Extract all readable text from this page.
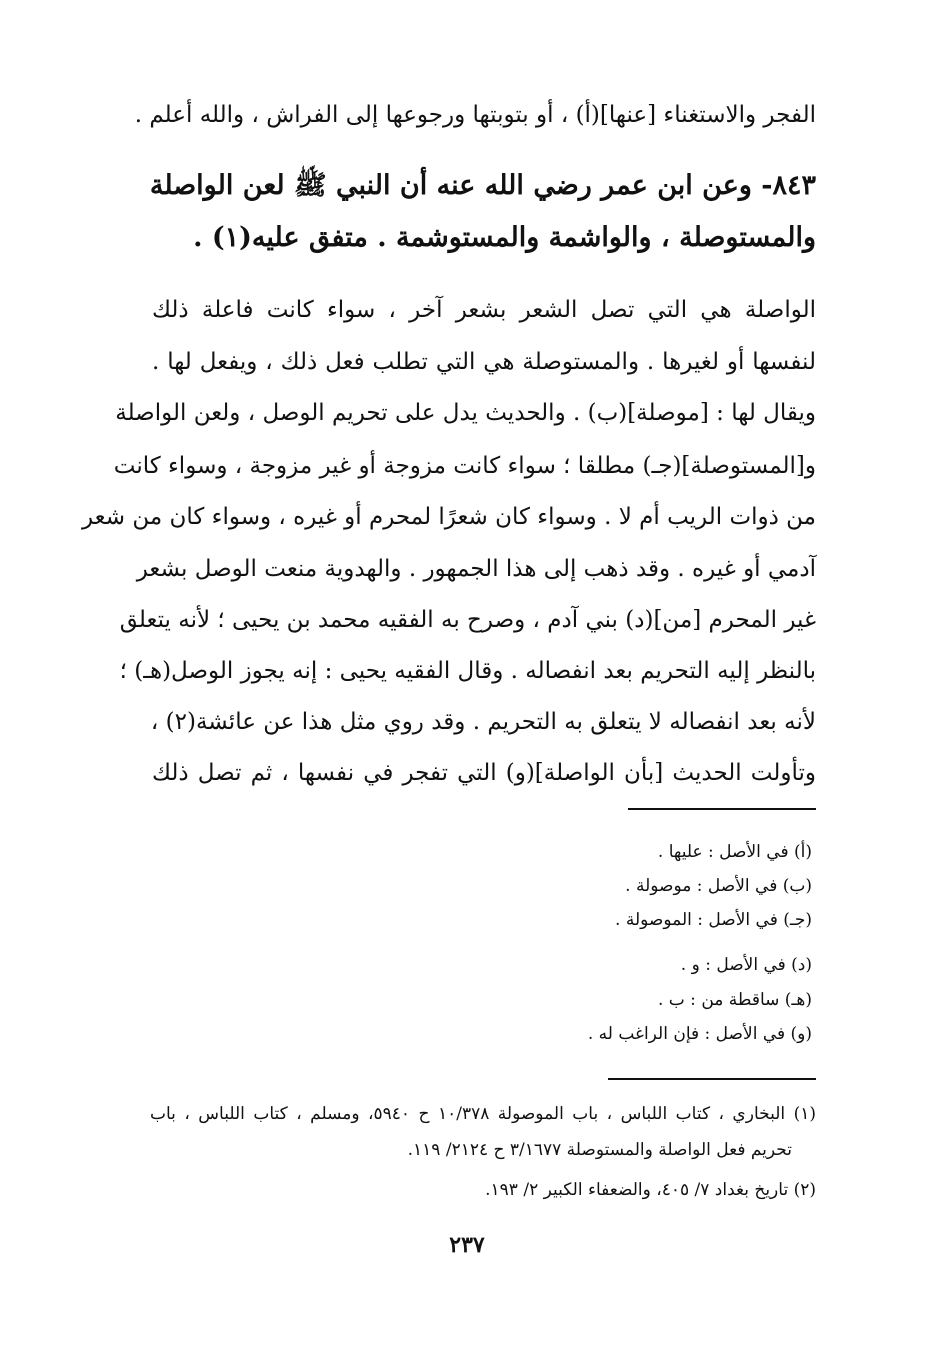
الفجر والاستغناء [عنها](أ) ، أو بتوبتها ورجوعها إلى الفراش ، والله أعلم .
٨٤٣- وعن ابن عمر رضي الله عنه أن النبي ﷺ لعن الواصلة
والمستوصلة ، والواشمة والمستوشمة . متفق عليه(١) .
الواصلة هي التي تصل الشعر بشعر آخر ، سواء كانت فاعلة ذلك
لنفسها أو لغيرها . والمستوصلة هي التي تطلب فعل ذلك ، ويفعل لها .
ويقال لها : [موصلة](ب) . والحديث يدل على تحريم الوصل ، ولعن الواصلة
و[المستوصلة](جـ) مطلقا ؛ سواء كانت مزوجة أو غير مزوجة ، وسواء كانت
من ذوات الريب أم لا . وسواء كان شعرًا لمحرم أو غيره ، وسواء كان من شعر
آدمي أو غيره . وقد ذهب إلى هذا الجمهور . والهدوية منعت الوصل بشعر
غير المحرم [من](د) بني آدم ، وصرح به الفقيه محمد بن يحيى ؛ لأنه يتعلق
بالنظر إليه التحريم بعد انفصاله . وقال الفقيه يحيى : إنه يجوز الوصل(هـ) ؛
لأنه بعد انفصاله لا يتعلق به التحريم . وقد روي مثل هذا عن عائشة(٢) ،
وتأولت الحديث [بأن الواصلة](و) التي تفجر في نفسها ، ثم تصل ذلك
(أ) في الأصل : عليها .
(ب) في الأصل : موصولة .
(جـ) في الأصل : الموصولة .
(د) في الأصل : و .
(هـ) ساقطة من : ب .
(و) في الأصل : فإن الراغب له .
(١) البخاري ، كتاب اللباس ، باب الموصولة ١٠/٣٧٨ ح ٥٩٤٠، ومسلم ، كتاب اللباس ، باب
تحريم فعل الواصلة والمستوصلة ٣/١٦٧٧ ح ٢١٢٤/ ١١٩.
(٢) تاريخ بغداد ٧/ ٤٠٥، والضعفاء الكبير ٢/ ١٩٣.
٢٣٧
